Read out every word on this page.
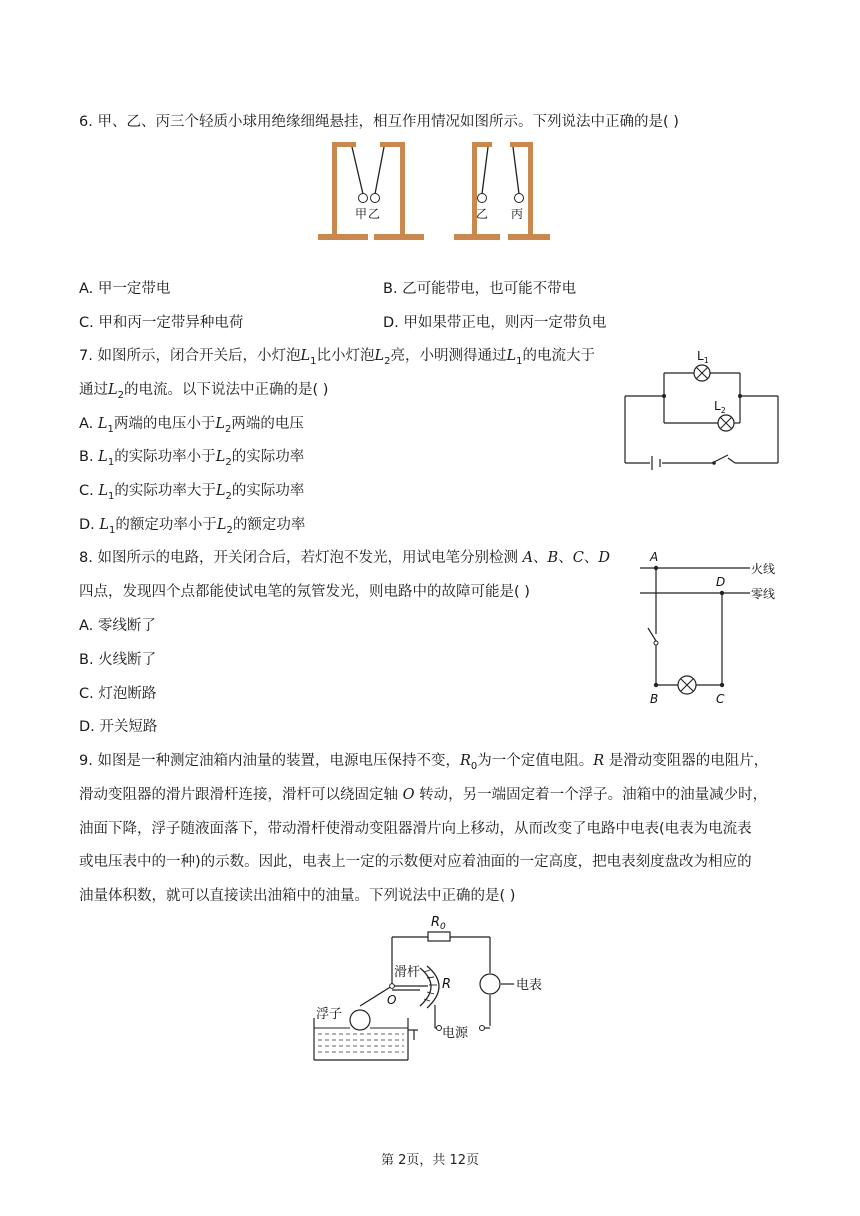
6. 甲、乙、丙三个轻质小球用绝缘细绳悬挂，相互作用情况如图所示。下列说法中正确的是( )
甲 乙	乙 丙
A. 甲一定带电	B. 乙可能带电，也可能不带电
C. 甲和丙一定带异种电荷	D. 甲如果带正电，则丙一定带负电
7. 如图所示，闭合开关后，小灯泡$L_1$比小灯泡$L_2$亮，小明测得通过$L_1$的电流大于
通过$L_2$的电流。以下说法中正确的是( )
$L_1$
$L_2$
A. $L_1$两端的电压小于$L_2$两端的电压
B. $L_1$的实际功率小于$L_2$的实际功率
C. $L_1$的实际功率大于$L_2$的实际功率
D. $L_1$的额定功率小于$L_2$的额定功率
8. 如图所示的电路，开关闭合后，若灯泡不发光，用试电笔分别检测 A、B、C、D
四点，发现四个点都能使试电笔的氖管发光，则电路中的故障可能是( )
A
D
B	C
火线
零线
A. 零线断了
B. 火线断了
C. 灯泡断路
D. 开关短路
9. 如图是一种测定油箱内油量的装置，电源电压保持不变，$R_0$为一个定值电阻。R 是滑动变阻器的电阻片，
滑动变阻器的滑片跟滑杆连接，滑杆可以绕固定轴 O 转动，另一端固定着一个浮子。油箱中的油量减少时，
油面下降，浮子随液面落下，带动滑杆使滑动变阻器滑片向上移动，从而改变了电路中电表(电表为电流表
或电压表中的一种)的示数。因此，电表上一定的示数便对应着油面的一定高度，把电表刻度盘改为相应的
油量体积数，就可以直接读出油箱中的油量。下列说法中正确的是( )
$R_0$
滑杆
O
R	电表
浮子
电源
第 2页，共 12页
